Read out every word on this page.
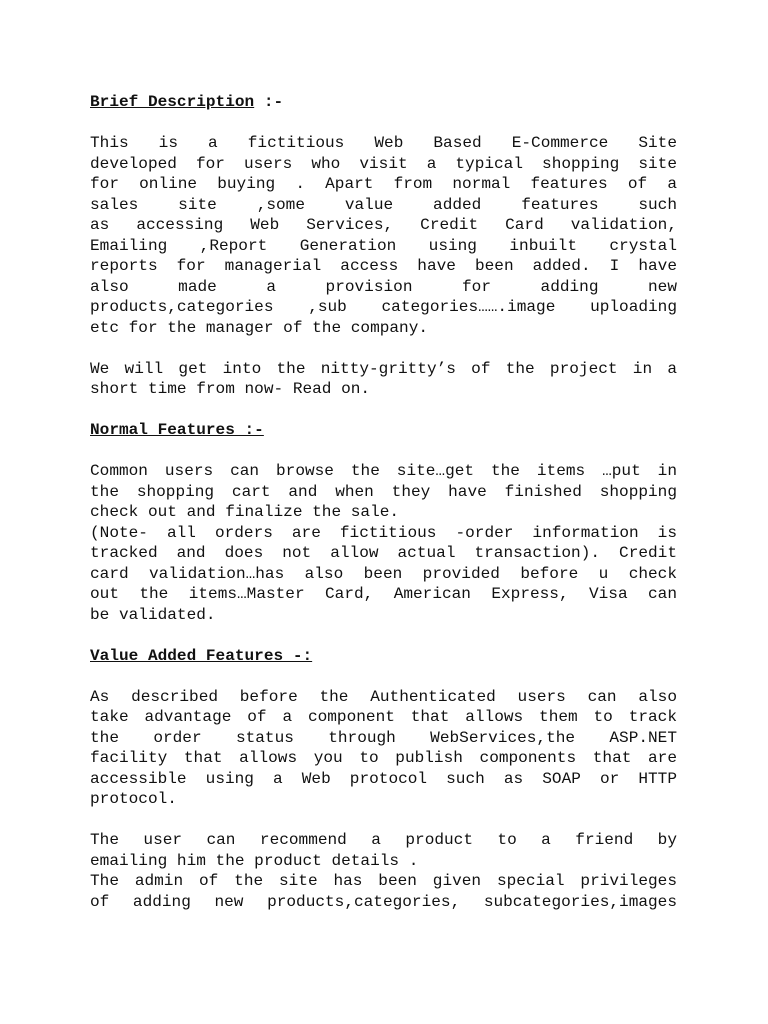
Brief Description :-
This is a fictitious Web Based E-Commerce Site
developed for users who visit a typical shopping site
for online buying . Apart from normal features of a
sales site ,some value added features such
as accessing Web Services, Credit Card validation,
Emailing ,Report Generation using inbuilt crystal
reports for managerial access have been added. I have
also made a provision for adding new
products,categories ,sub categories…….image uploading
etc for the manager of the company.
We will get into the nitty-gritty’s of the project in a
short time from now- Read on.
Normal Features :-
Common users can browse the site…get the items …put in
the shopping cart and when they have finished shopping
check out and finalize the sale.
(Note- all orders are fictitious -order information is
tracked and does not allow actual transaction). Credit
card validation…has also been provided before u check
out the items…Master Card, American Express, Visa can
be validated.
Value Added Features -:
As described before the Authenticated users can also
take advantage of a component that allows them to track
the order status through WebServices,the ASP.NET
facility that allows you to publish components that are
accessible using a Web protocol such as SOAP or HTTP
protocol.
The user can recommend a product to a friend by
emailing him the product details .
The admin of the site has been given special privileges
of adding new products,categories, subcategories,images
